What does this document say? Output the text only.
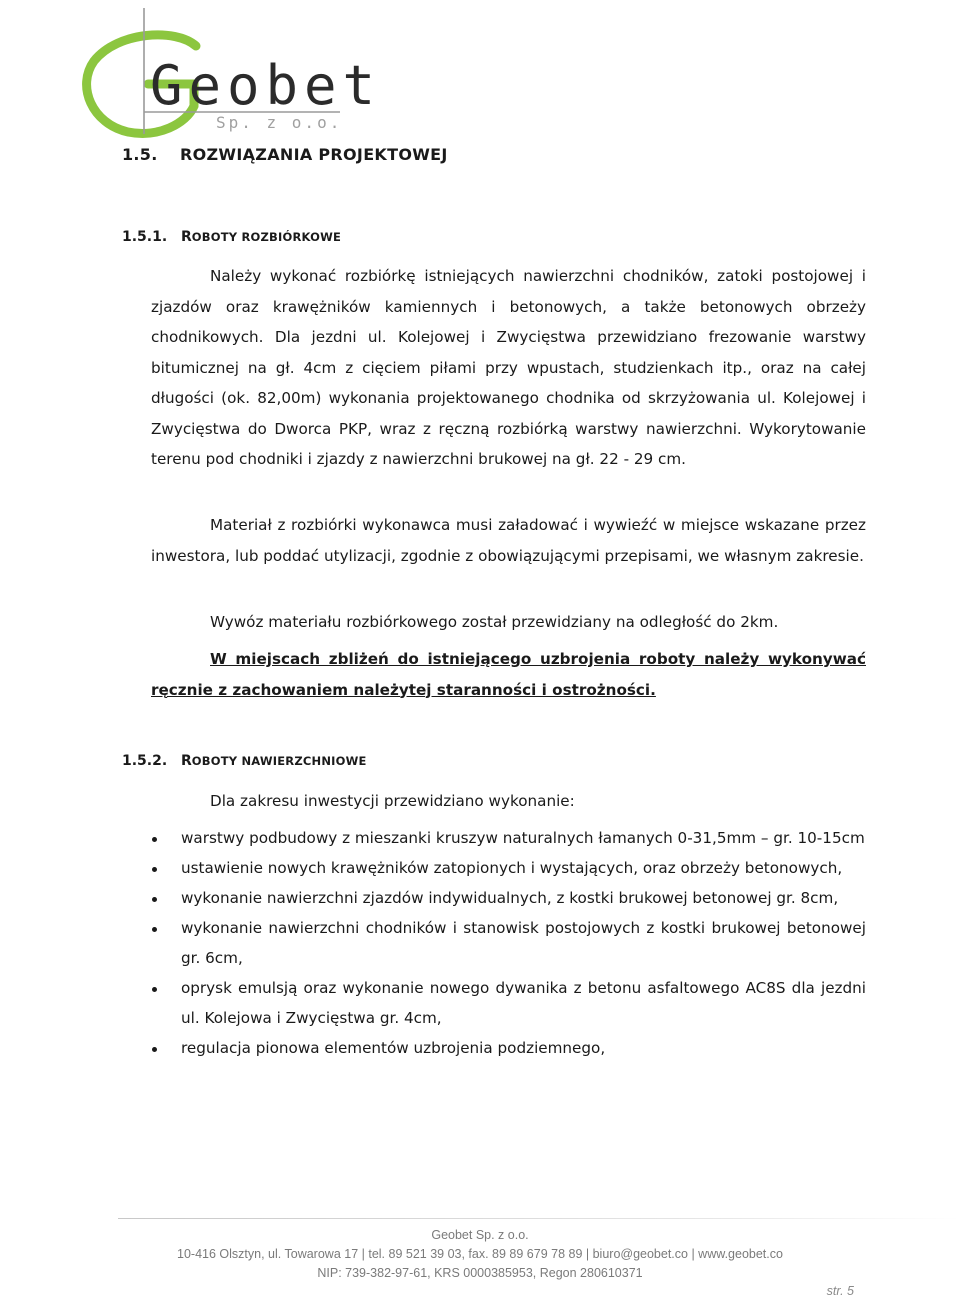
Geobet
Sp. z o.o.
1.5. ROZWIĄZANIA PROJEKTOWEJ
1.5.1. ROBOTY ROZBIÓRKOWE

Należy wykonać rozbiórkę istniejących nawierzchni chodników, zatoki postojowej i zjazdów oraz krawężników kamiennych i betonowych, a także betonowych obrzeży chodnikowych. Dla jezdni ul. Kolejowej i Zwycięstwa przewidziano frezowanie warstwy bitumicznej na gł. 4cm z cięciem piłami przy wpustach, studzienkach itp., oraz na całej długości (ok. 82,00m) wykonania projektowanego chodnika od skrzyżowania ul. Kolejowej i Zwycięstwa do Dworca PKP, wraz z ręczną rozbiórką warstwy nawierzchni. Wykorytowanie terenu pod chodniki i zjazdy z nawierzchni brukowej na gł. 22 - 29 cm.

Materiał z rozbiórki wykonawca musi załadować i wywieźć w miejsce wskazane przez inwestora, lub poddać utylizacji, zgodnie z obowiązującymi przepisami, we własnym zakresie.

Wywóz materiału rozbiórkowego został przewidziany na odległość do 2km.

W miejscach zbliżeń do istniejącego uzbrojenia roboty należy wykonywać ręcznie z zachowaniem należytej staranności i ostrożności.

1.5.2. ROBOTY NAWIERZCHNIOWE

Dla zakresu inwestycji przewidziano wykonanie:

warstwy podbudowy z mieszanki kruszyw naturalnych łamanych 0-31,5mm – gr. 10-15cm
ustawienie nowych krawężników zatopionych i wystających, oraz obrzeży betonowych,
wykonanie nawierzchni zjazdów indywidualnych, z kostki brukowej betonowej gr. 8cm,
wykonanie nawierzchni chodników i stanowisk postojowych z kostki brukowej betonowej gr. 6cm,
oprysk emulsją oraz wykonanie nowego dywanika z betonu asfaltowego AC8S dla jezdni ul. Kolejowa i Zwycięstwa gr. 4cm,
regulacja pionowa elementów uzbrojenia podziemnego,

Geobet Sp. z o.o.

10-416 Olsztyn, ul. Towarowa 17 | tel. 89 521 39 03, fax. 89 89 679 78 89 | biuro@geobet.co | www.geobet.co

NIP: 739-382-97-61, KRS 0000385953, Regon 280610371

str. 5
